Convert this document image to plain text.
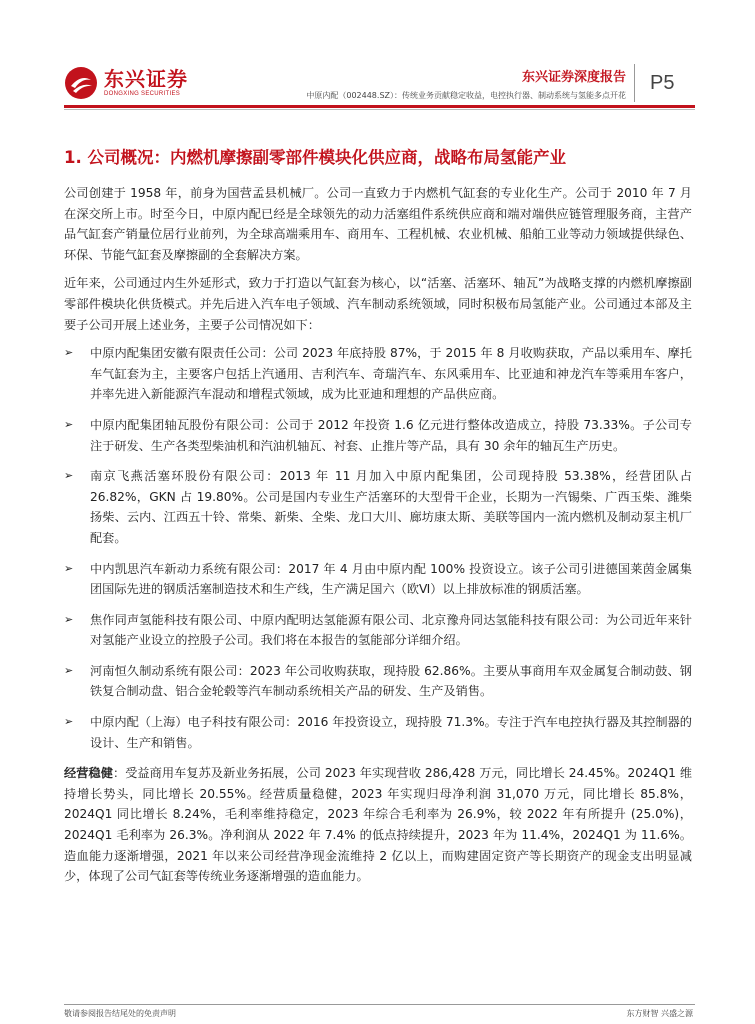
东兴证券
DONGXING SECURITIES
东兴证券深度报告
中原内配（002448.SZ）：传统业务贡献稳定收益，电控执行器、制动系统与氢能多点开花
P5
1. 公司概况：内燃机摩擦副零部件模块化供应商，战略布局氢能产业

公司创建于 1958 年，前身为国营孟县机械厂。公司一直致力于内燃机气缸套的专业化生产。公司于 2010 年 7 月在深交所上市。时至今日，中原内配已经是全球领先的动力活塞组件系统供应商和端对端供应链管理服务商，主营产品气缸套产销量位居行业前列，为全球高端乘用车、商用车、工程机械、农业机械、船舶工业等动力领域提供绿色、环保、节能气缸套及摩擦副的全套解决方案。

近年来，公司通过内生外延形式，致力于打造以气缸套为核心，以“活塞、活塞环、轴瓦”为战略支撑的内燃机摩擦副零部件模块化供货模式。并先后进入汽车电子领域、汽车制动系统领域，同时积极布局氢能产业。公司通过本部及主要子公司开展上述业务，主要子公司情况如下：

➢ 中原内配集团安徽有限责任公司：公司 2023 年底持股 87%，于 2015 年 8 月收购获取，产品以乘用车、摩托车气缸套为主，主要客户包括上汽通用、吉利汽车、奇瑞汽车、东风乘用车、比亚迪和神龙汽车等乘用车客户，并率先进入新能源汽车混动和增程式领域，成为比亚迪和理想的产品供应商。
➢ 中原内配集团轴瓦股份有限公司：公司于 2012 年投资 1.6 亿元进行整体改造成立，持股 73.33%。子公司专注于研发、生产各类型柴油机和汽油机轴瓦、衬套、止推片等产品，具有 30 余年的轴瓦生产历史。
➢ 南京飞燕活塞环股份有限公司：2013 年 11 月加入中原内配集团，公司现持股 53.38%，经营团队占 26.82%，GKN 占 19.80%。公司是国内专业生产活塞环的大型骨干企业，长期为一汽锡柴、广西玉柴、潍柴扬柴、云内、江西五十铃、常柴、新柴、全柴、龙口大川、廊坊康太斯、美联等国内一流内燃机及制动泵主机厂配套。
➢ 中内凯思汽车新动力系统有限公司：2017 年 4 月由中原内配 100% 投资设立。该子公司引进德国莱茵金属集团国际先进的钢质活塞制造技术和生产线，生产满足国六（欧Ⅵ）以上排放标准的钢质活塞。
➢ 焦作同声氢能科技有限公司、中原内配明达氢能源有限公司、北京豫舟同达氢能科技有限公司：为公司近年来针对氢能产业设立的控股子公司。我们将在本报告的氢能部分详细介绍。
➢ 河南恒久制动系统有限公司：2023 年公司收购获取，现持股 62.86%。主要从事商用车双金属复合制动鼓、钢铁复合制动盘、铝合金轮毂等汽车制动系统相关产品的研发、生产及销售。
➢ 中原内配（上海）电子科技有限公司：2016 年投资设立，现持股 71.3%。专注于汽车电控执行器及其控制器的设计、生产和销售。

经营稳健：受益商用车复苏及新业务拓展，公司 2023 年实现营收 286,428 万元，同比增长 24.45%。2024Q1 维持增长势头，同比增长 20.55%。经营质量稳健，2023 年实现归母净利润 31,070 万元，同比增长 85.8%，2024Q1 同比增长 8.24%，毛利率维持稳定，2023 年综合毛利率为 26.9%，较 2022 年有所提升 (25.0%)，2024Q1 毛利率为 26.3%。净利润从 2022 年 7.4% 的低点持续提升，2023 年为 11.4%，2024Q1 为 11.6%。造血能力逐渐增强，2021 年以来公司经营净现金流维持 2 亿以上，而购建固定资产等长期资产的现金支出明显减少，体现了公司气缸套等传统业务逐渐增强的造血能力。

敬请参阅报告结尾处的免责声明	东方财智 兴盛之源
